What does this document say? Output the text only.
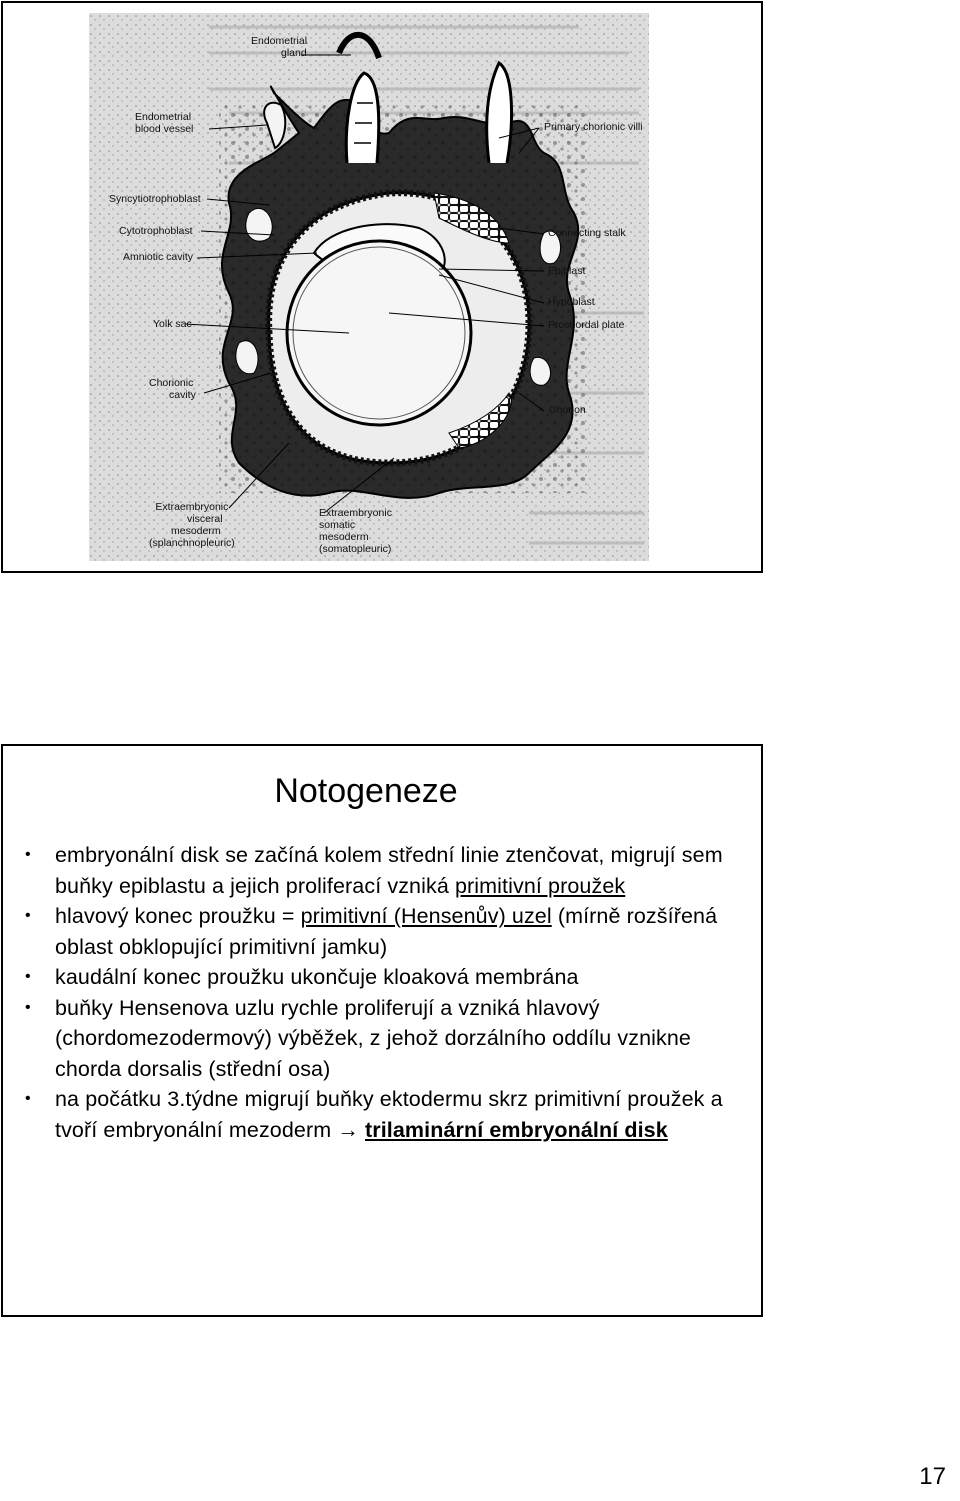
Endometrial
gland
Endometrial
blood vessel	Primary chorionic villi
Syncytiotrophoblast
Cytotrophoblast
Amniotic cavity
Connecting stalk
Epiblast
Hypoblast
Prochordal plate
Yolk sac
Chorionic
cavity
Chorion
Extraembryonic
visceral
mesoderm
(splanchnopleuric)
Extraembryonic
somatic
mesoderm
(somatopleuric)
Notogeneze
• embryonální disk se začíná kolem střední linie ztenčovat, migrují sem buňky epiblastu a jejich proliferací vzniká primitivní proužek
• hlavový konec proužku = primitivní (Hensenův) uzel (mírně rozšířená oblast obklopující primitivní jamku)
• kaudální konec proužku ukončuje kloaková membrána
• buňky Hensenova uzlu rychle proliferují a vzniká hlavový (chordomezodermový) výběžek, z jehož dorzálního oddílu vznikne chorda dorsalis (střední osa)
• na počátku 3.týdne migrují buňky ektodermu skrz primitivní proužek a tvoří embryonální mezoderm → trilaminární embryonální disk
17
